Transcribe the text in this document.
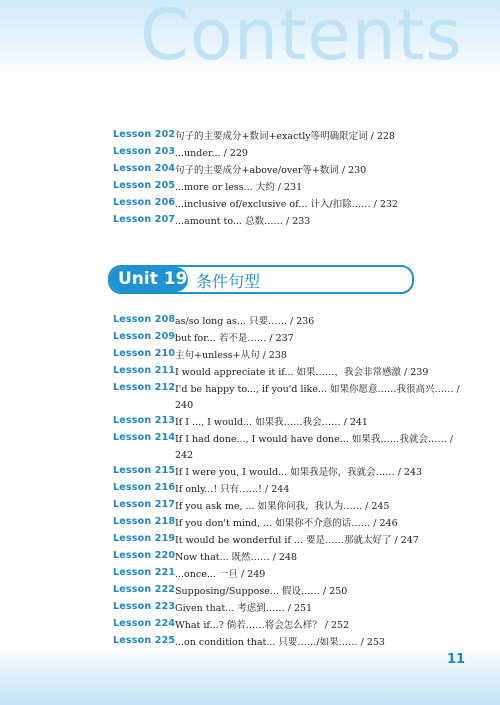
Contents
Lesson 202 句子的主要成分+数词+exactly等明确限定词 / 228
Lesson 203 ...under... / 229
Lesson 204 句子的主要成分+above/over等+数词 / 230
Lesson 205 ...more or less... 大约 / 231
Lesson 206 ...inclusive of/exclusive of... 计入/扣除…… / 232
Lesson 207 ...amount to... 总数…… / 233
Unit 19 条件句型
Lesson 208 as/so long as... 只要…… / 236
Lesson 209 but for... 若不是…… / 237
Lesson 210 主句+unless+从句 / 238
Lesson 211 I would appreciate it if... 如果……，我会非常感激 / 239
Lesson 212 I'd be happy to..., if you'd like... 如果你愿意……我很高兴…… / 240
Lesson 213 If I ..., I would... 如果我……我会…… / 241
Lesson 214 If I had done..., I would have done... 如果我……我就会…… / 242
Lesson 215 If I were you, I would... 如果我是你，我就会…… / 243
Lesson 216 If only...! 只有……! / 244
Lesson 217 If you ask me, ... 如果你问我，我认为…… / 245
Lesson 218 If you don't mind, ... 如果你不介意的话…… / 246
Lesson 219 It would be wonderful if ... 要是……那就太好了 / 247
Lesson 220 Now that... 既然…… / 248
Lesson 221 ...once... 一旦 / 249
Lesson 222 Supposing/Suppose... 假设…… / 250
Lesson 223 Given that... 考虑到…… / 251
Lesson 224 What if...? 倘若……将会怎么样？ / 252
Lesson 225 ...on condition that... 只要……/如果…… / 253
11
